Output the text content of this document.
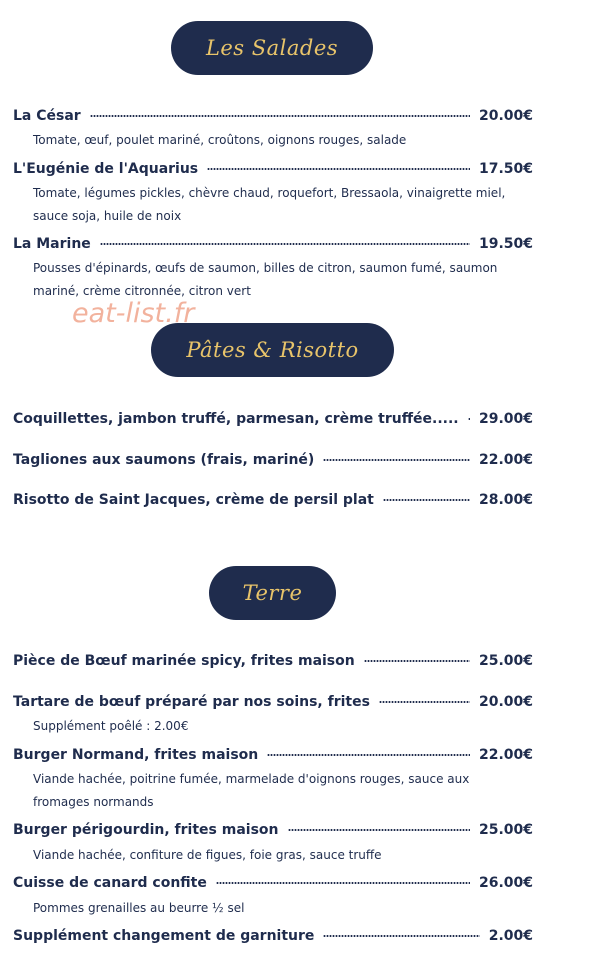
Les Salades
Pâtes & Risotto
Terre
eat-list.fr
La César	20.00€
Tomate, œuf, poulet mariné, croûtons, oignons rouges, salade
L'Eugénie de l'Aquarius	17.50€
Tomate, légumes pickles, chèvre chaud, roquefort, Bressaola, vinaigrette miel, sauce soja, huile de noix
La Marine	19.50€
Pousses d'épinards, œufs de saumon, billes de citron, saumon fumé, saumon mariné, crème citronnée, citron vert
Coquillettes, jambon truffé, parmesan, crème truffée..... 29.00€
Tagliones aux saumons (frais, mariné)	22.00€
Risotto de Saint Jacques, crème de persil plat	28.00€
Pièce de Bœuf marinée spicy, frites maison	25.00€
Tartare de bœuf préparé par nos soins, frites	20.00€
Supplément poêlé : 2.00€
Burger Normand, frites maison	22.00€
Viande hachée, poitrine fumée, marmelade d'oignons rouges, sauce aux fromages normands
Burger périgourdin, frites maison	25.00€
Viande hachée, confiture de figues, foie gras, sauce truffe
Cuisse de canard confite	26.00€
Pommes grenailles au beurre ½ sel
Supplément changement de garniture	2.00€
